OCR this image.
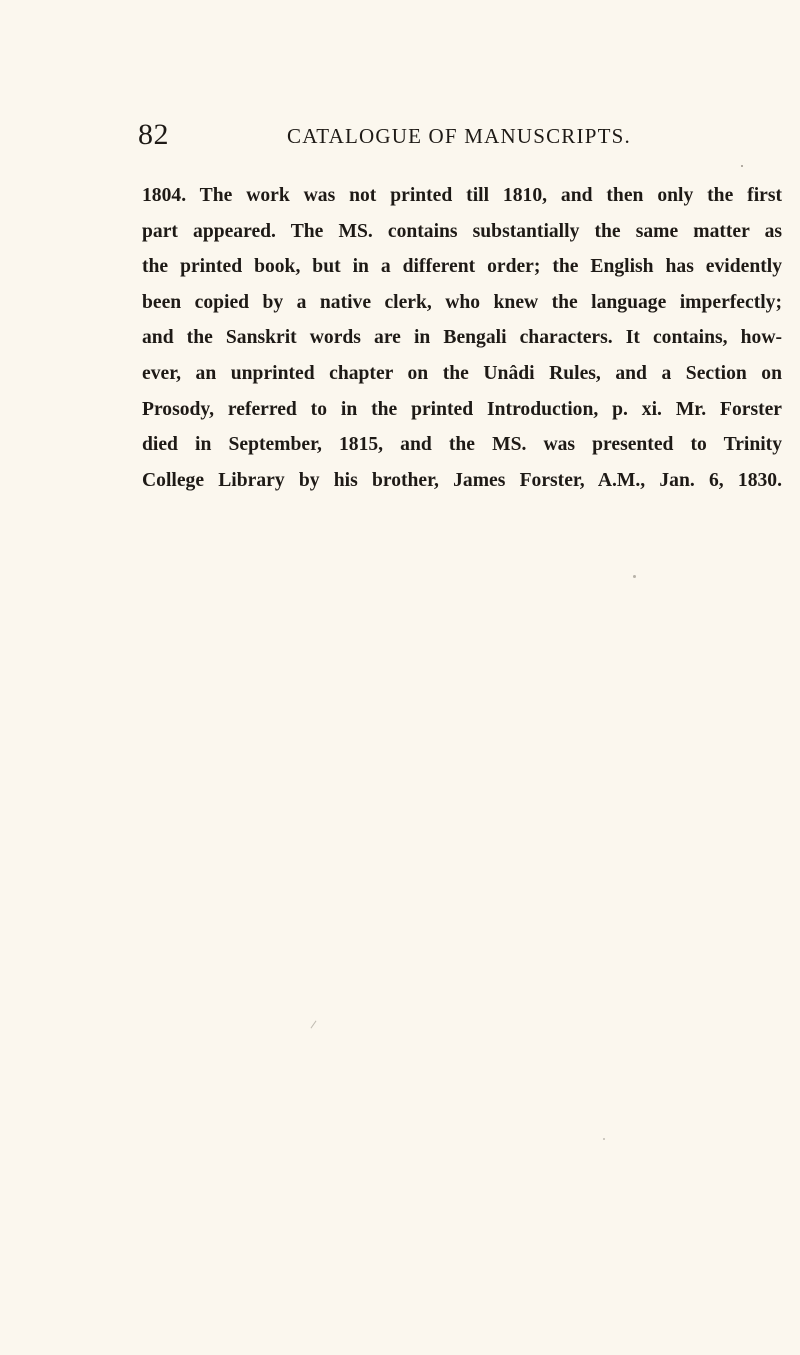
82	CATALOGUE OF MANUSCRIPTS.
1804. The work was not printed till 1810, and then only the first
part appeared. The MS. contains substantially the same matter as
the printed book, but in a different order; the English has evidently
been copied by a native clerk, who knew the language imperfectly;
and the Sanskrit words are in Bengali characters. It contains, how-
ever, an unprinted chapter on the Unâdi Rules, and a Section on
Prosody, referred to in the printed Introduction, p. xi. Mr. Forster
died in September, 1815, and the MS. was presented to Trinity
College Library by his brother, James Forster, A.M., Jan. 6, 1830.
